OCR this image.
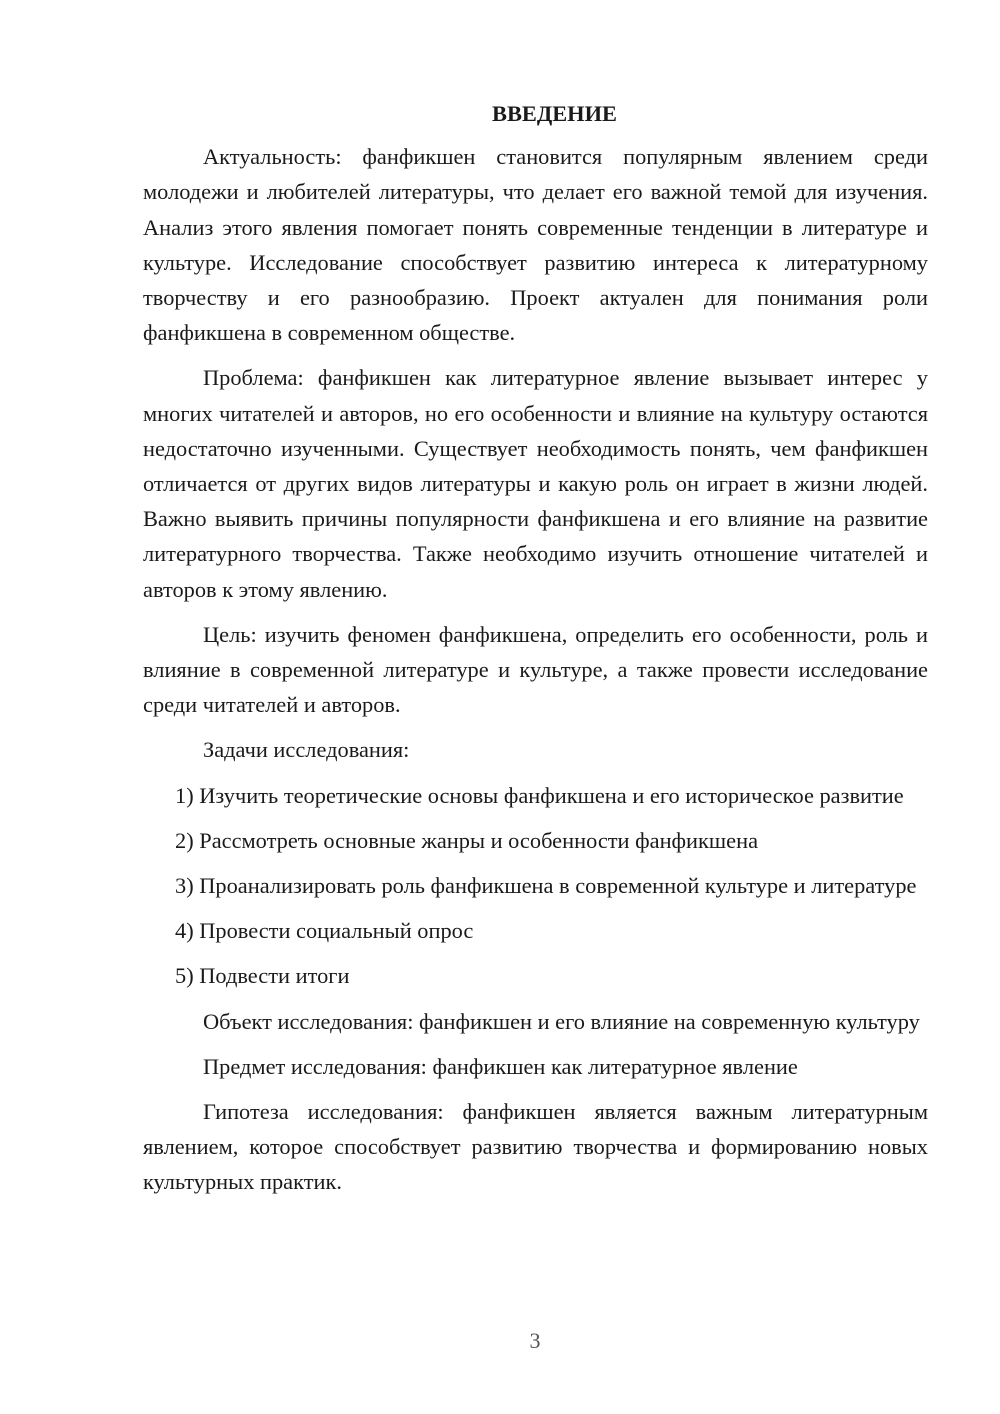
ВВЕДЕНИЕ

Актуальность: фанфикшен становится популярным явлением среди молодежи и любителей литературы, что делает его важной темой для изучения. Анализ этого явления помогает понять современные тенденции в литературе и культуре. Исследование способствует развитию интереса к литературному творчеству и его разнообразию. Проект актуален для понимания роли фанфикшена в современном обществе.

Проблема: фанфикшен как литературное явление вызывает интерес у многих читателей и авторов, но его особенности и влияние на культуру остаются недостаточно изученными. Существует необходимость понять, чем фанфикшен отличается от других видов литературы и какую роль он играет в жизни людей. Важно выявить причины популярности фанфикшена и его влияние на развитие литературного творчества. Также необходимо изучить отношение читателей и авторов к этому явлению.

Цель: изучить феномен фанфикшена, определить его особенности, роль и влияние в современной литературе и культуре, а также провести исследование среди читателей и авторов.

Задачи исследования:

1) Изучить теоретические основы фанфикшена и его историческое развитие

2) Рассмотреть основные жанры и особенности фанфикшена

3) Проанализировать роль фанфикшена в современной культуре и литературе

4) Провести социальный опрос

5) Подвести итоги

Объект исследования: фанфикшен и его влияние на современную культуру

Предмет исследования: фанфикшен как литературное явление

Гипотеза исследования: фанфикшен является важным литературным явлением, которое способствует развитию творчества и формированию новых культурных практик.

3
